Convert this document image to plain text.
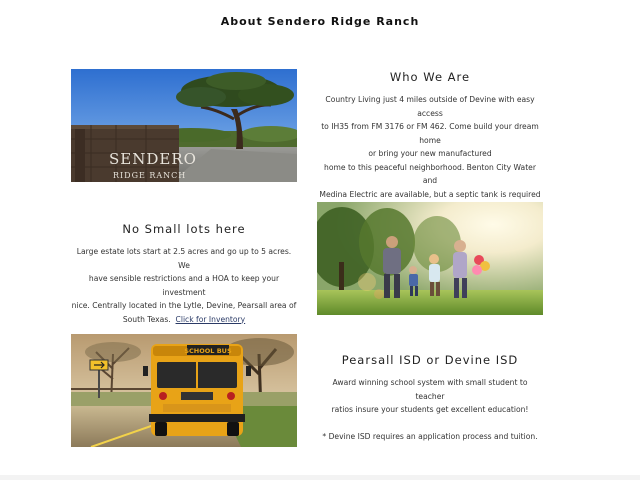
About Sendero Ridge Ranch
SENDERO
RIDGE RANCH
Who We Are

Country Living just 4 miles outside of Devine with easy access

to IH35 from FM 3176 or FM 462. Come build your dream home

or bring your new manufactured

home to this peaceful neighborhood. Benton City Water and

Medina Electric are available, but a septic tank is required

No Small lots here

Large estate lots start at 2.5 acres and go up to 5 acres. We

have sensible restrictions and a HOA to keep your investment

nice. Centrally located in the Lytle, Devine, Pearsall area of

South Texas. Click for Inventory

SCHOOL BUS
Pearsall ISD or Devine ISD

Award winning school system with small student to teacher

ratios insure your students get excellent education!

* Devine ISD requires an application process and tuition.
